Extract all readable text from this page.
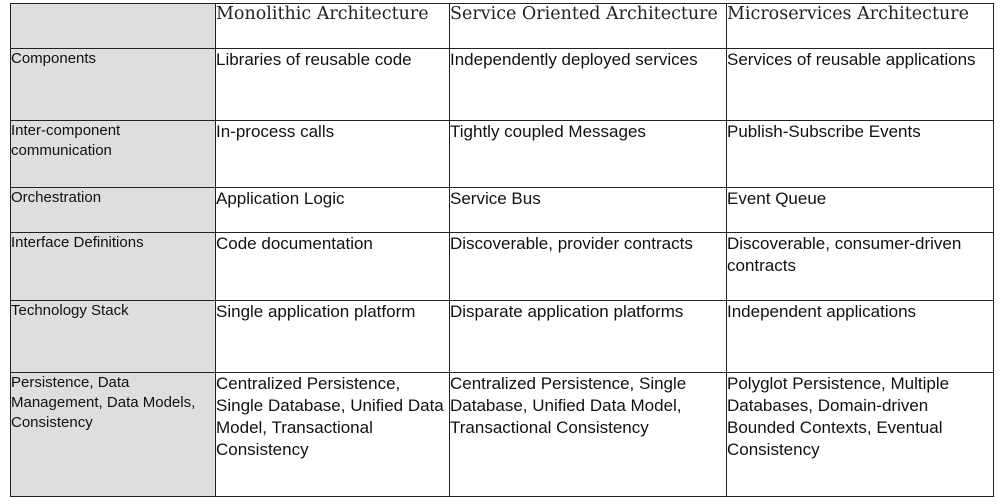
	Monolithic Architecture	Service Oriented Architecture	Microservices Architecture
Components	Libraries of reusable code	Independently deployed services	Services of reusable applications
Inter-component communication	In-process calls	Tightly coupled Messages	Publish-Subscribe Events
Orchestration	Application Logic	Service Bus	Event Queue
Interface Definitions	Code documentation	Discoverable, provider contracts	Discoverable, consumer-driven contracts
Technology Stack	Single application platform	Disparate application platforms	Independent applications
Persistence, Data Management, Data Models, Consistency	Centralized Persistence, Single Database, Unified Data Model, Transactional Consistency	Centralized Persistence, Single Database, Unified Data Model, Transactional Consistency	Polyglot Persistence, Multiple Databases, Domain-driven Bounded Contexts, Eventual Consistency
